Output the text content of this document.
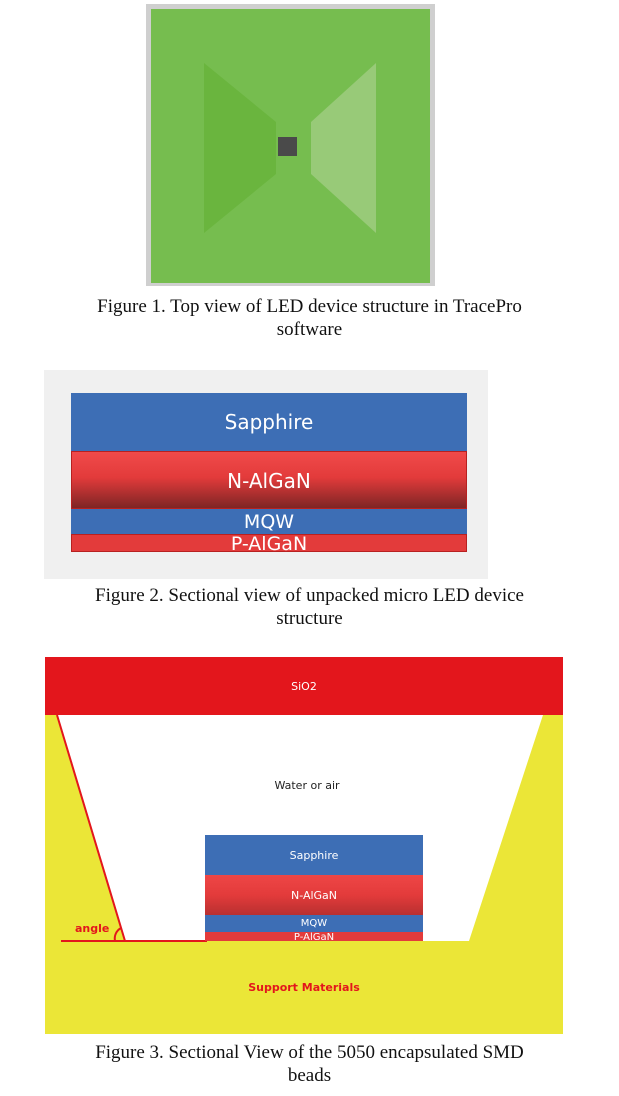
Figure 1. Top view of LED device structure in TracePro
software
Sapphire
N-AlGaN
MQW
P-AlGaN
Figure 2. Sectional view of unpacked micro LED device
structure
SiO2
Water or air
Sapphire
N-AlGaN
MQW
P-AlGaN
angle
Support Materials
Figure 3. Sectional View of the 5050 encapsulated SMD
beads
